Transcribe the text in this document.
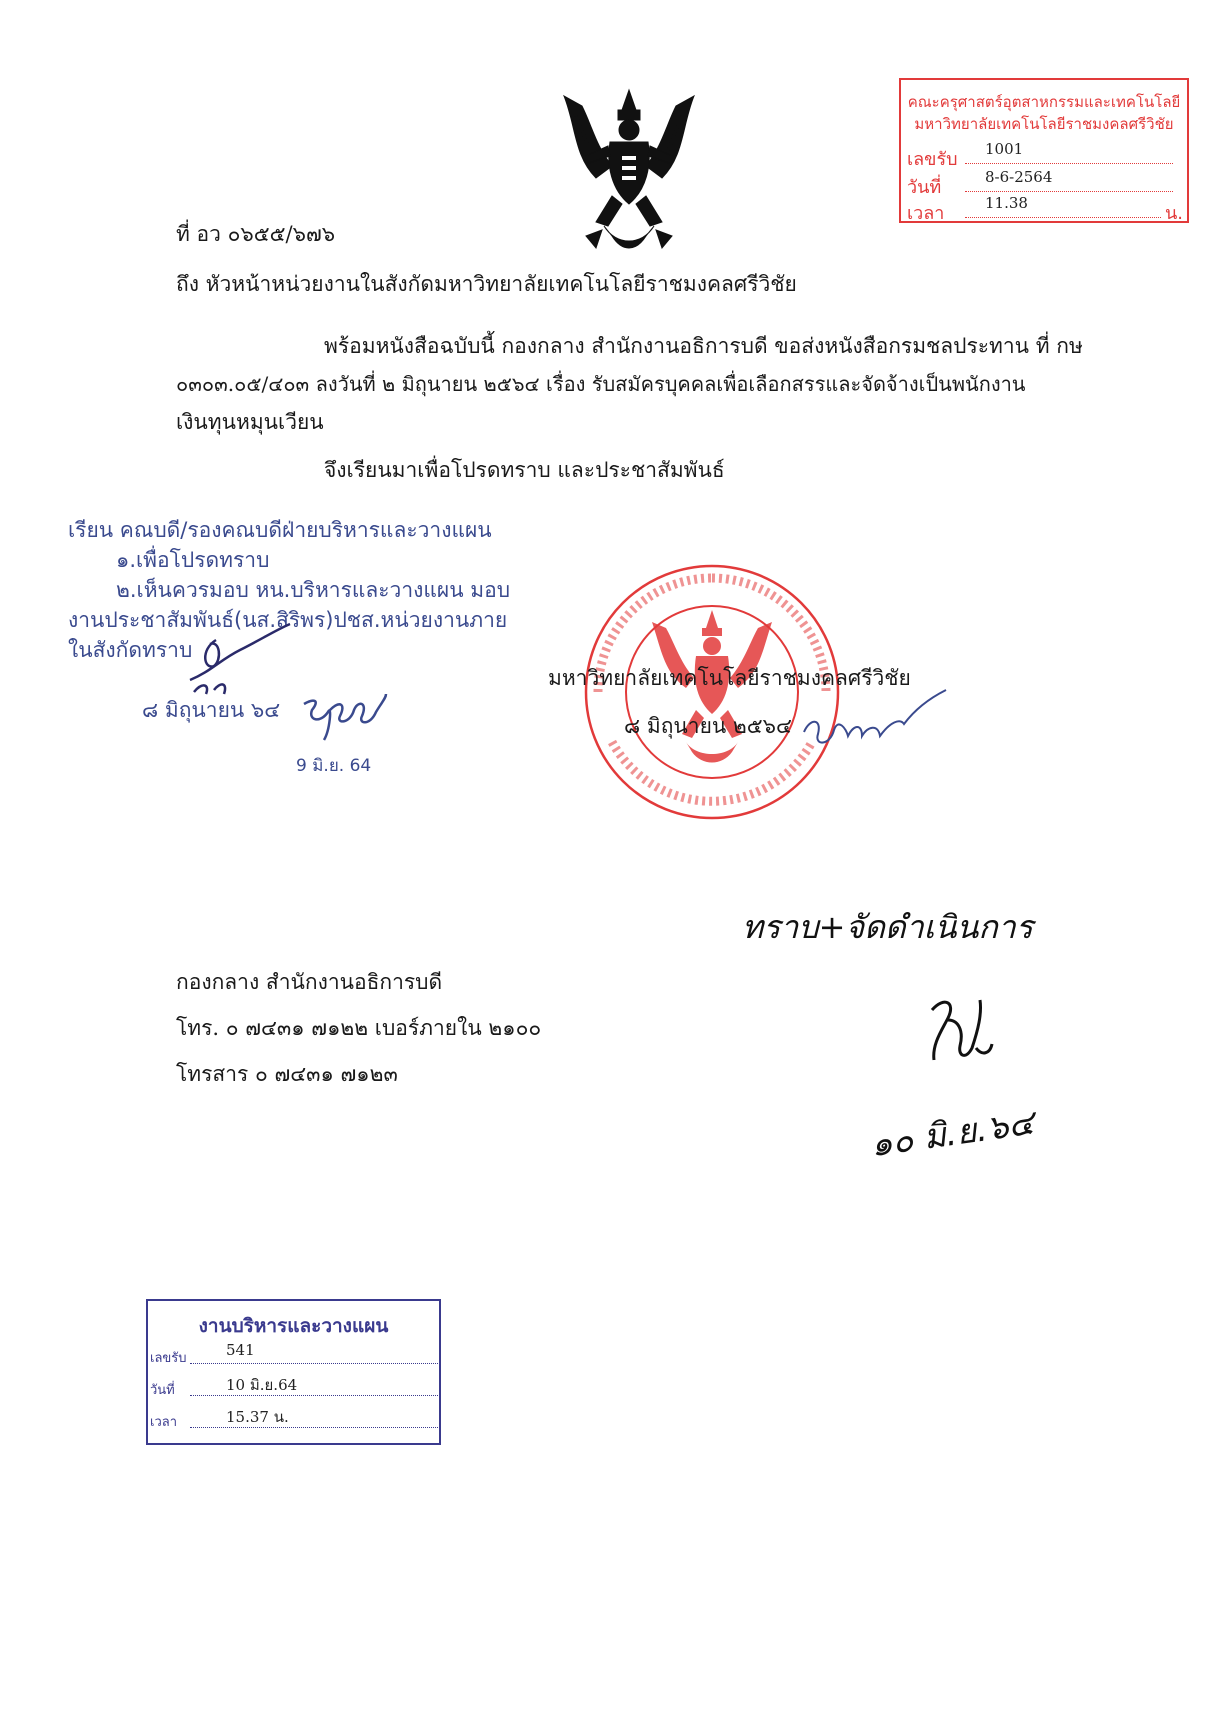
คณะครุศาสตร์อุตสาหกรรมและเทคโนโลยี
มหาวิทยาลัยเทคโนโลยีราชมงคลศรีวิชัย
เลขรับ 1001
วันที่	8-6-2564
เวลา	11.38	น.
ที่ อว ๐๖๕๕/๖๗๖
ถึง หัวหน้าหน่วยงานในสังกัดมหาวิทยาลัยเทคโนโลยีราชมงคลศรีวิชัย
พร้อมหนังสือฉบับนี้ กองกลาง สำนักงานอธิการบดี ขอส่งหนังสือกรมชลประทาน ที่ กษ
๐๓๐๓.๐๕/๔๐๓ ลงวันที่ ๒ มิถุนายน ๒๕๖๔ เรื่อง รับสมัครบุคคลเพื่อเลือกสรรและจัดจ้างเป็นพนักงาน
เงินทุนหมุนเวียน
จึงเรียนมาเพื่อโปรดทราบ และประชาสัมพันธ์
เรียน คณบดี/รองคณบดีฝ่ายบริหารและวางแผน
๑.เพื่อโปรดทราบ
๒.เห็นควรมอบ หน.บริหารและวางแผน มอบ
งานประชาสัมพันธ์(นส.สิริพร)ปชส.หน่วยงานภาย
ในสังกัดทราบ
๘ มิถุนายน ๖๔
9 มิ.ย. 64
มหาวิทยาลัยเทคโนโลยีราชมงคลศรีวิชัย
๘ มิถุนายน ๒๕๖๔
ทราบ+จัดดำเนินการ
๑๐ มิ.ย.๖๔
กองกลาง สำนักงานอธิการบดี
โทร. ๐ ๗๔๓๑ ๗๑๒๒ เบอร์ภายใน ๒๑๐๐
โทรสาร ๐ ๗๔๓๑ ๗๑๒๓
งานบริหารและวางแผน
เลขรับ	541
วันที่	10 มิ.ย.64
เวลา	15.37 น.
